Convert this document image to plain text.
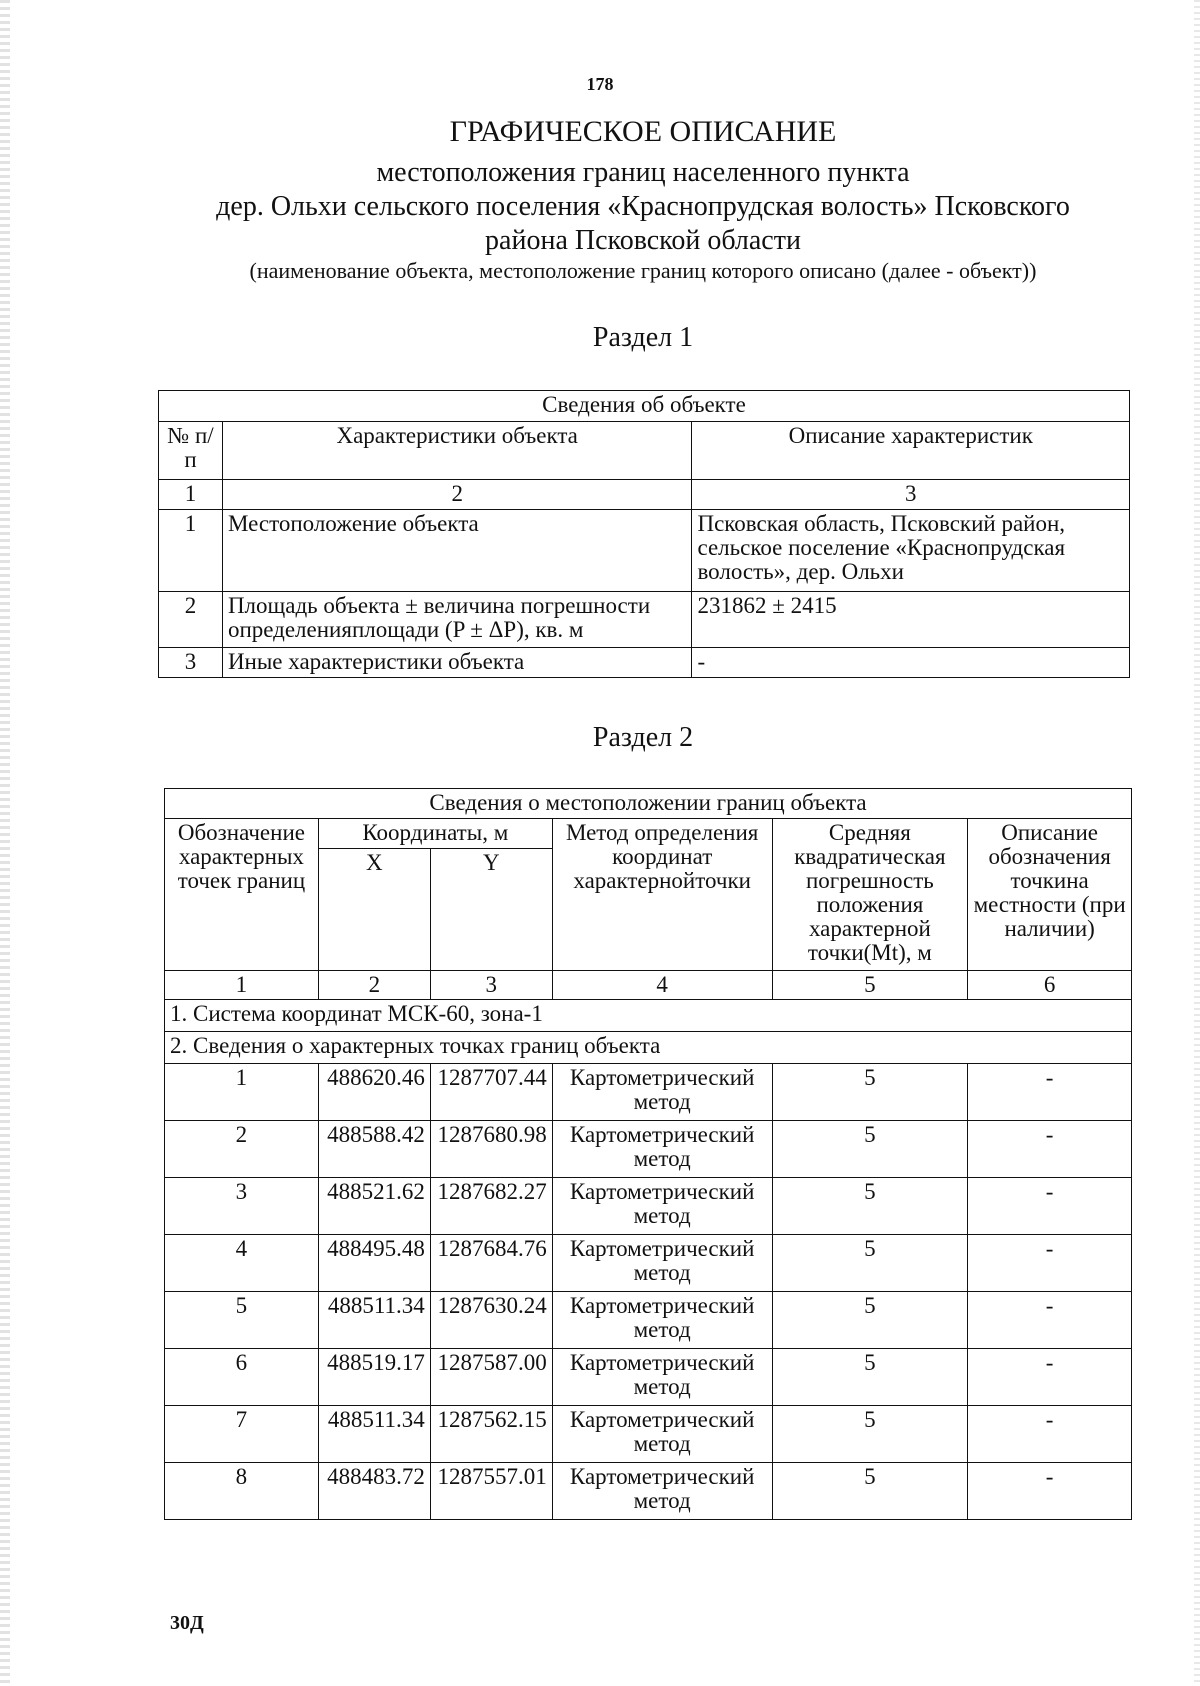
178
ГРАФИЧЕСКОЕ ОПИСАНИЕ
местоположения границ населенного пункта
дер. Ольхи сельского поселения «Краснопрудская волость» Псковского
района Псковской области
(наименование объекта, местоположение границ которого описано (далее - объект))
Раздел 1
Сведения об объекте		
№ п/п	Характеристики объекта	Описание характеристик
1	2	3
1	Местоположение объекта	Псковская область, Псковский район, сельское поселение «Краснопрудская волость», дер. Ольхи
2	Площадь объекта ± величина погрешности определенияплощади (P ± ΔP), кв. м	231862 ± 2415
3	Иные характеристики объекта	-
Раздел 2
Сведения о местоположении границ объекта					
Обозначение характерных точек границ	Координаты, м		Метод определения координат характернойточки	Средняя квадратическая погрешность положения характерной точки(Mt), м	Описание обозначения точкина местности (при наличии)
	X	Y			
1	2	3	4	5	6
1. Система координат МСК-60, зона-1					
2. Сведения о характерных точках границ объекта					
1	488620.46	1287707.44	Картометрический метод	5	-
2	488588.42	1287680.98	Картометрический метод	5	-
3	488521.62	1287682.27	Картометрический метод	5	-
4	488495.48	1287684.76	Картометрический метод	5	-
5	488511.34	1287630.24	Картометрический метод	5	-
6	488519.17	1287587.00	Картометрический метод	5	-
7	488511.34	1287562.15	Картометрический метод	5	-
8	488483.72	1287557.01	Картометрический метод	5	-
30Д
